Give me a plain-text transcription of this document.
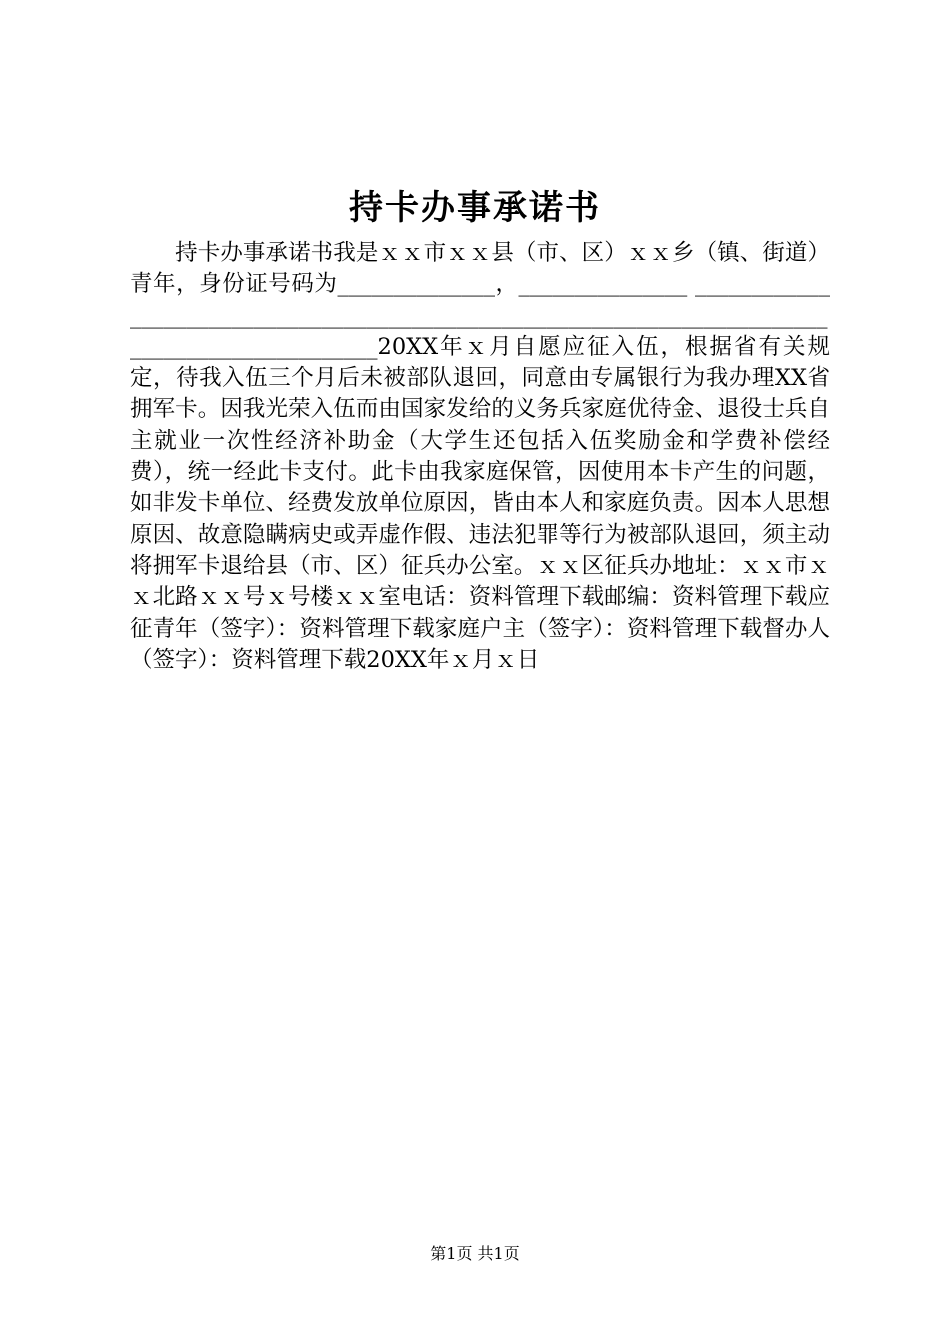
持卡办事承诺书
　　持卡办事承诺书我是ｘｘ市ｘｘ县（市、区）ｘｘ乡（镇、街道）青年，身份证号码为______________，_______________ ________________________________________________________________________________________________20XX年ｘ月自愿应征入伍，根据省有关规定，待我入伍三个月后未被部队退回，同意由专属银行为我办理XX省拥军卡。因我光荣入伍而由国家发给的义务兵家庭优待金、退役士兵自主就业一次性经济补助金（大学生还包括入伍奖励金和学费补偿经费），统一经此卡支付。此卡由我家庭保管，因使用本卡产生的问题，如非发卡单位、经费发放单位原因，皆由本人和家庭负责。因本人思想原因、故意隐瞒病史或弄虚作假、违法犯罪等行为被部队退回，须主动将拥军卡退给县（市、区）征兵办公室。ｘｘ区征兵办地址：ｘｘ市ｘｘ北路ｘｘ号ｘ号楼ｘｘ室电话：资料管理下载邮编：资料管理下载应征青年（签字）：资料管理下载家庭户主（签字）：资料管理下载督办人（签字）：资料管理下载20XX年ｘ月ｘ日
第1页 共1页
